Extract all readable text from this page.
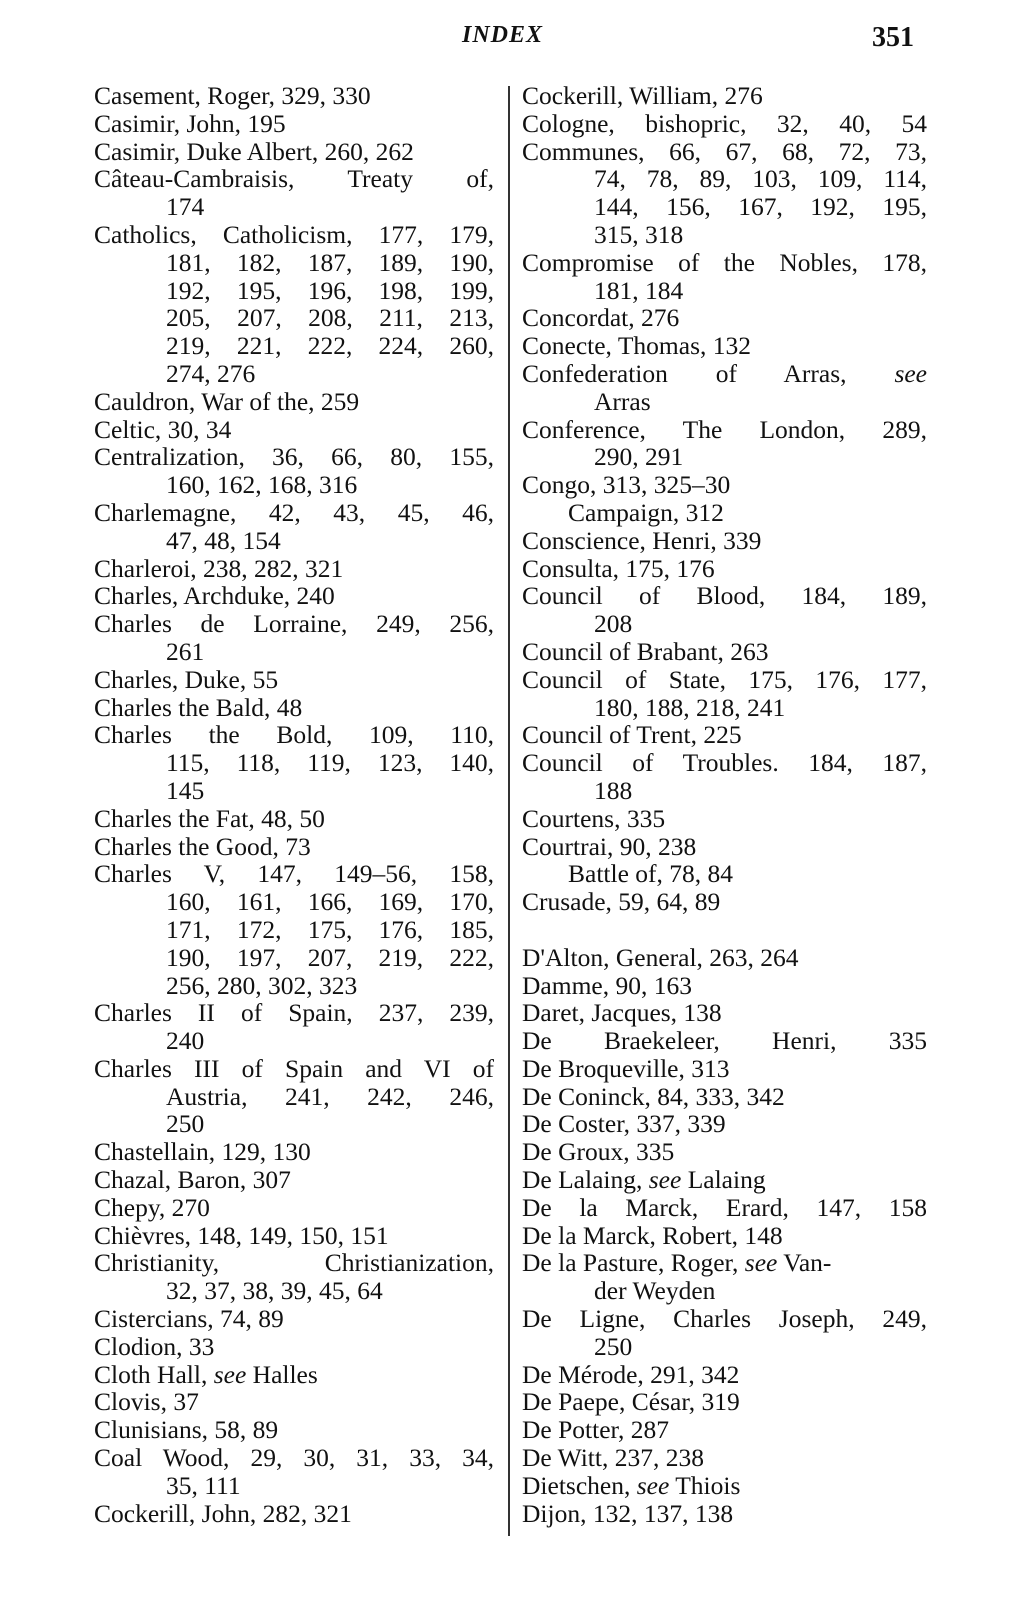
INDEX	351
Casement, Roger, 329, 330
Casimir, John, 195
Casimir, Duke Albert, 260, 262
Câteau-Cambraisis, Treaty of,
174
Catholics, Catholicism, 177, 179,
181, 182, 187, 189, 190,
192, 195, 196, 198, 199,
205, 207, 208, 211, 213,
219, 221, 222, 224, 260,
274, 276
Cauldron, War of the, 259
Celtic, 30, 34
Centralization, 36, 66, 80, 155,
160, 162, 168, 316
Charlemagne, 42, 43, 45, 46,
47, 48, 154
Charleroi, 238, 282, 321
Charles, Archduke, 240
Charles de Lorraine, 249, 256,
261
Charles, Duke, 55
Charles the Bald, 48
Charles the Bold, 109, 110,
115, 118, 119, 123, 140,
145
Charles the Fat, 48, 50
Charles the Good, 73
Charles V, 147, 149–56, 158,
160, 161, 166, 169, 170,
171, 172, 175, 176, 185,
190, 197, 207, 219, 222,
256, 280, 302, 323
Charles II of Spain, 237, 239,
240
Charles III of Spain and VI of
Austria, 241, 242, 246,
250
Chastellain, 129, 130
Chazal, Baron, 307
Chepy, 270
Chièvres, 148, 149, 150, 151
Christianity, Christianization,
32, 37, 38, 39, 45, 64
Cistercians, 74, 89
Clodion, 33
Cloth Hall, see Halles
Clovis, 37
Clunisians, 58, 89
Coal Wood, 29, 30, 31, 33, 34,
35, 111
Cockerill, John, 282, 321
Cockerill, William, 276
Cologne, bishopric, 32, 40, 54
Communes, 66, 67, 68, 72, 73,
74, 78, 89, 103, 109, 114,
144, 156, 167, 192, 195,
315, 318
Compromise of the Nobles, 178,
181, 184
Concordat, 276
Conecte, Thomas, 132
Confederation of Arras, see
Arras
Conference, The London, 289,
290, 291
Congo, 313, 325–30
Campaign, 312
Conscience, Henri, 339
Consulta, 175, 176
Council of Blood, 184, 189,
208
Council of Brabant, 263
Council of State, 175, 176, 177,
180, 188, 218, 241
Council of Trent, 225
Council of Troubles. 184, 187,
188
Courtens, 335
Courtrai, 90, 238
Battle of, 78, 84
Crusade, 59, 64, 89
D'Alton, General, 263, 264
Damme, 90, 163
Daret, Jacques, 138
De Braekeleer, Henri, 335
De Broqueville, 313
De Coninck, 84, 333, 342
De Coster, 337, 339
De Groux, 335
De Lalaing, see Lalaing
De la Marck, Erard, 147, 158
De la Marck, Robert, 148
De la Pasture, Roger, see Van-
der Weyden
De Ligne, Charles Joseph, 249,
250
De Mérode, 291, 342
De Paepe, César, 319
De Potter, 287
De Witt, 237, 238
Dietschen, see Thiois
Dijon, 132, 137, 138
